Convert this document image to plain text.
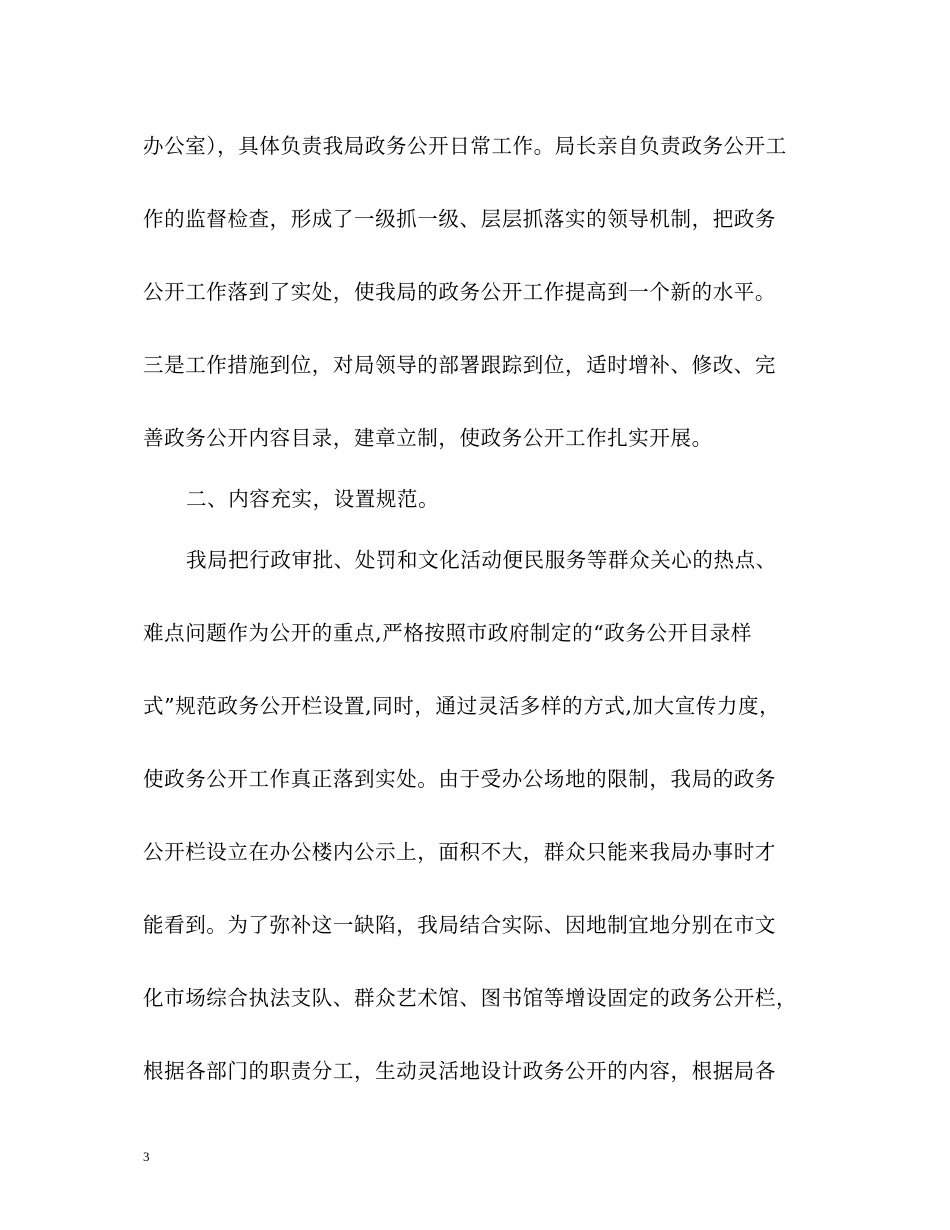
办公室），具体负责我局政务公开日常工作。局长亲自负责政务公开工
作的监督检查，形成了一级抓一级、层层抓落实的领导机制，把政务
公开工作落到了实处，使我局的政务公开工作提高到一个新的水平。
三是工作措施到位，对局领导的部署跟踪到位，适时增补、修改、完
善政务公开内容目录，建章立制，使政务公开工作扎实开展。
二、内容充实，设置规范。
我局把行政审批、处罚和文化活动便民服务等群众关心的热点、
难点问题作为公开的重点,严格按照市政府制定的“政务公开目录样
式”规范政务公开栏设置,同时，通过灵活多样的方式,加大宣传力度，
使政务公开工作真正落到实处。由于受办公场地的限制，我局的政务
公开栏设立在办公楼内公示上，面积不大，群众只能来我局办事时才
能看到。为了弥补这一缺陷，我局结合实际、因地制宜地分别在市文
化市场综合执法支队、群众艺术馆、图书馆等增设固定的政务公开栏，
根据各部门的职责分工，生动灵活地设计政务公开的内容，根据局各
3
